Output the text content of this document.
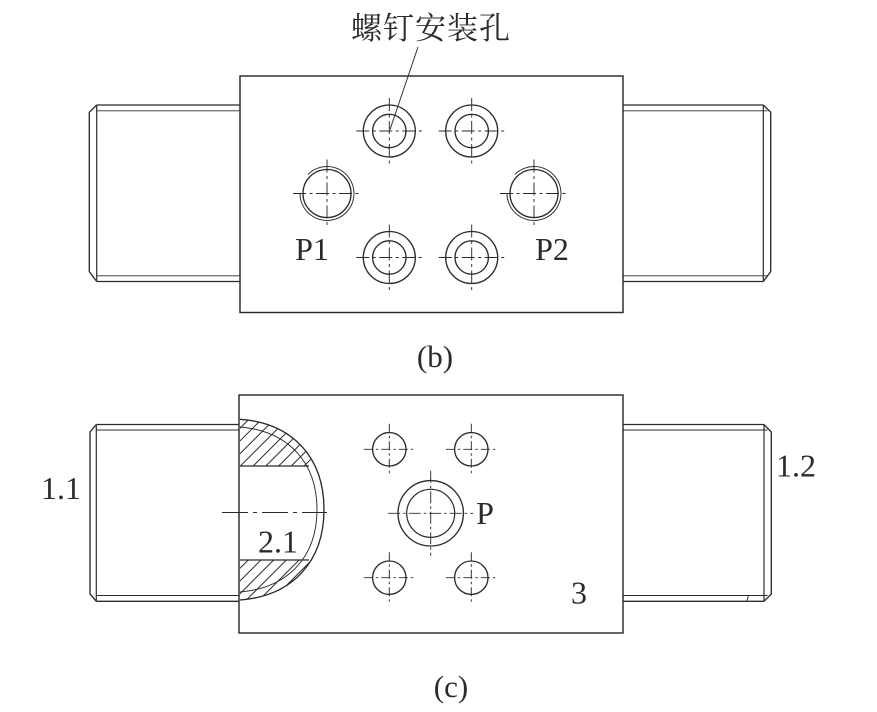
螺钉安装孔
P1	P2
(b)
1.1
1.2
2.1
3
P
(c)
